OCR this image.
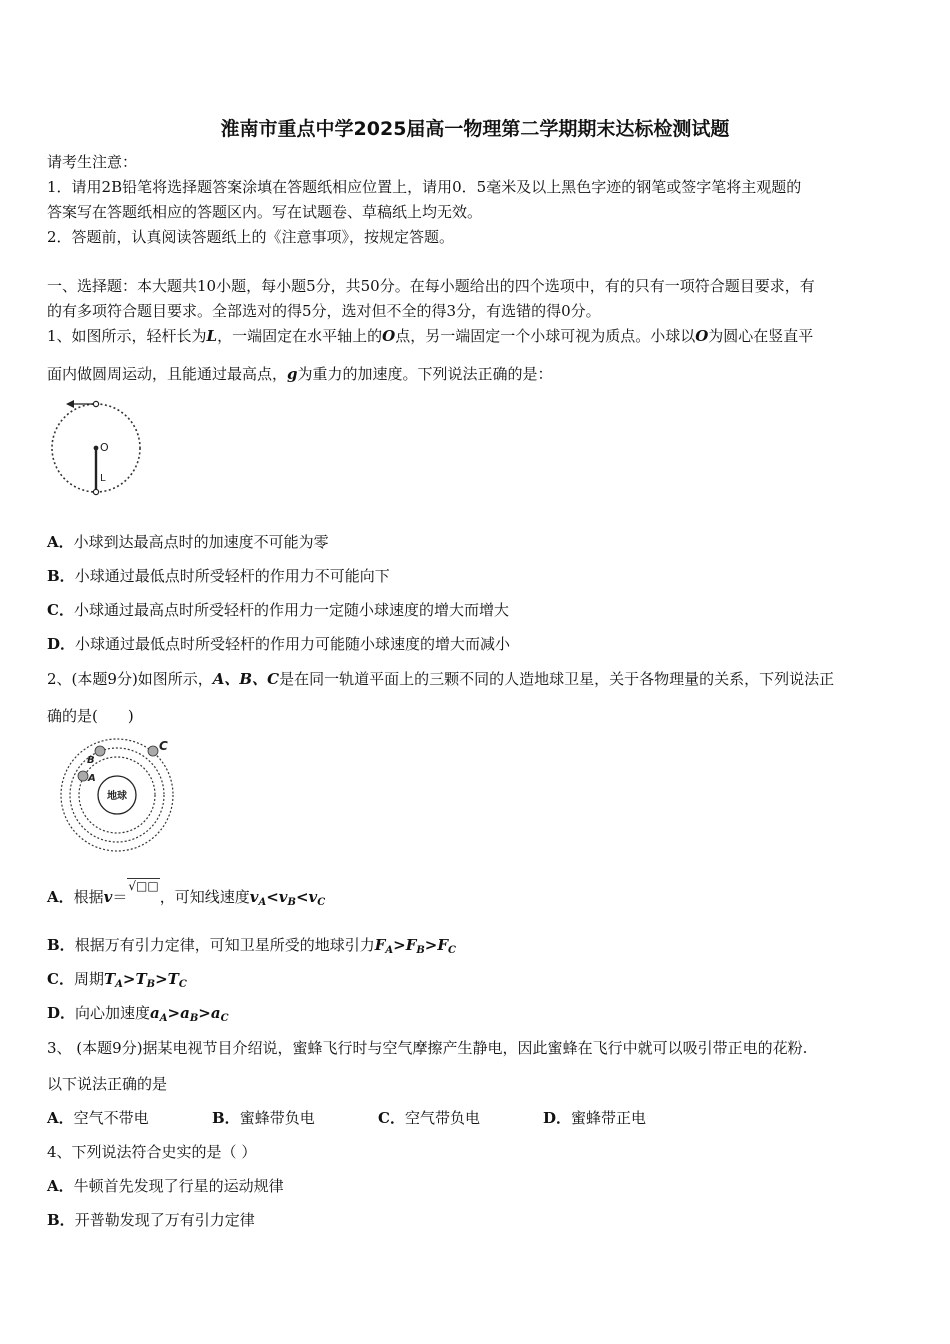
淮南市重点中学2025届高一物理第二学期期末达标检测试题
请考生注意：
1．请用2B铅笔将选择题答案涂填在答题纸相应位置上，请用0．5毫米及以上黑色字迹的钢笔或签字笔将主观题的
答案写在答题纸相应的答题区内。写在试题卷、草稿纸上均无效。
2．答题前，认真阅读答题纸上的《注意事项》，按规定答题。
一、选择题：本大题共10小题，每小题5分，共50分。在每小题给出的四个选项中，有的只有一项符合题目要求，有
的有多项符合题目要求。全部选对的得5分，选对但不全的得3分，有选错的得0分。
1、如图所示，轻杆长为L，一端固定在水平轴上的O点，另一端固定一个小球可视为质点。小球以O为圆心在竖直平
面内做圆周运动，且能通过最高点，g为重力的加速度。下列说法正确的是：
O
L
A．小球到达最高点时的加速度不可能为零
B．小球通过最低点时所受轻杆的作用力不可能向下
C．小球通过最高点时所受轻杆的作用力一定随小球速度的增大而增大
D．小球通过最低点时所受轻杆的作用力可能随小球速度的增大而减小
2、(本题9分)如图所示，A、B、C是在同一轨道平面上的三颗不同的人造地球卫星，关于各物理量的关系，下列说法正
确的是(　　)
地球
A
B
C
A．根据v＝√□□，可知线速度$v_A<v_B<v_C$
B．根据万有引力定律，可知卫星所受的地球引力$F_A>F_B>F_C$
C．周期$T_A>T_B>T_C$
D．向心加速度$a_A>a_B>a_C$
3、 (本题9分)据某电视节目介绍说，蜜蜂飞行时与空气摩擦产生静电，因此蜜蜂在飞行中就可以吸引带正电的花粉.
以下说法正确的是
A．空气不带电	B．蜜蜂带负电	C．空气带负电	D．蜜蜂带正电
4、下列说法符合史实的是（ ）
A．牛顿首先发现了行星的运动规律
B．开普勒发现了万有引力定律
